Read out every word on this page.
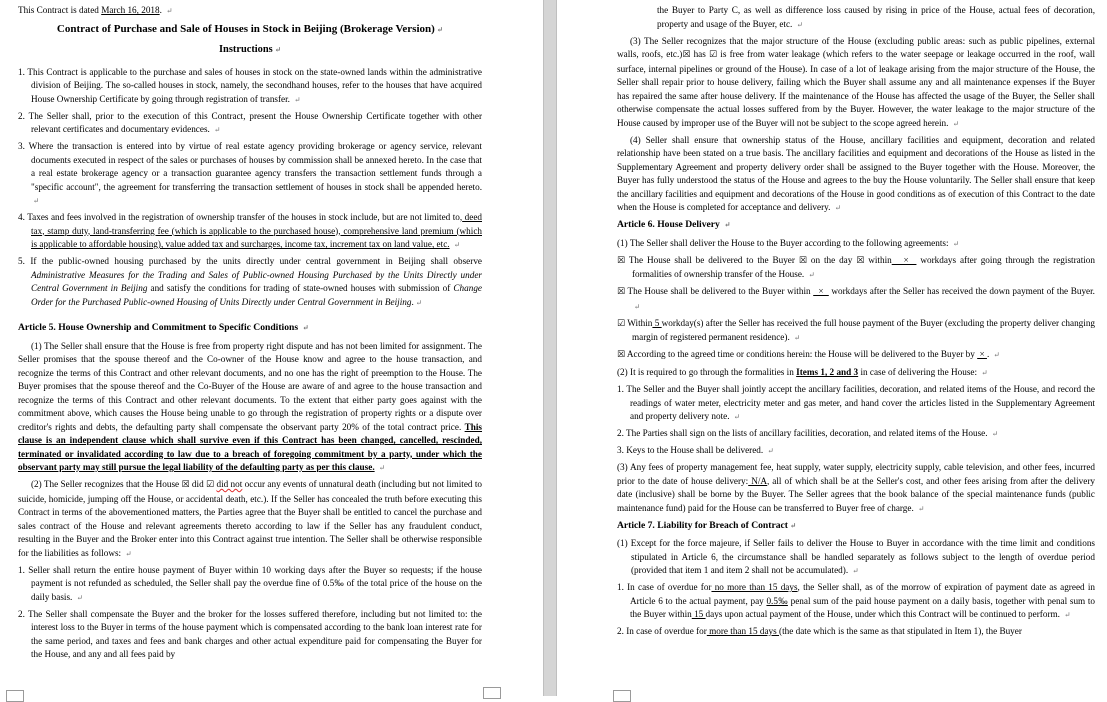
This Contract is dated March 16, 2018. ↵

Contract of Purchase and Sale of Houses in Stock in Beijing (Brokerage Version) ↵
Instructions ↵
1. This Contract is applicable to the purchase and sales of houses in stock on the state-owned lands within the administrative division of Beijing. The so-called houses in stock, namely, the secondhand houses, refer to the houses that have acquired House Ownership Certificate by going through registration of transfer. ↵
2. The Seller shall, prior to the execution of this Contract, present the House Ownership Certificate together with other relevant certificates and documentary evidences. ↵
3. Where the transaction is entered into by virtue of real estate agency providing brokerage or agency service, relevant documents executed in respect of the sales or purchases of houses by commission shall be annexed hereto. In the case that a real estate brokerage agency or a transaction guarantee agency transfers the transaction settlement funds through a "specific account", the agreement for transferring the transaction settlement of houses in stock shall be appended hereto. ↵
4. Taxes and fees involved in the registration of ownership transfer of the houses in stock include, but are not limited to, deed tax, stamp duty, land-transferring fee (which is applicable to the purchased house), comprehensive land premium (which is applicable to affordable housing), value added tax and surcharges, income tax, increment tax on land value, etc. ↵
5. If the public-owned housing purchased by the units directly under central government in Beijing shall observe Administrative Measures for the Trading and Sales of Public-owned Housing Purchased by the Units Directly under Central Government in Beijing and satisfy the conditions for trading of state-owned houses with submission of Change Order for the Purchased Public-owned Housing of Units Directly under Central Government in Beijing. ↵
Article 5. House Ownership and Commitment to Specific Conditions ↵
(1) The Seller shall ensure that the House is free from property right dispute and has not been limited for assignment. The Seller promises that the spouse thereof and the Co-owner of the House know and agree to the house transaction, and recognize the terms of this Contract and other relevant documents, and no one has the right of preemption to the House. The Buyer promises that the spouse thereof and the Co-Buyer of the House are aware of and agree to the house transaction and recognize the terms of this Contract and other relevant documents. To the extent that either party goes against with the commitment above, which causes the House being unable to go through the registration of property rights or a dispute over creditor's rights and debts, the defaulting party shall compensate the observant party 20% of the total contract price. This clause is an independent clause which shall survive even if this Contract has been changed, cancelled, rescinded, terminated or invalidated according to law due to a breach of foregoing commitment by a party, under which the observant party may still pursue the legal liability of the defaulting party as per this clause. ↵
(2) The Seller recognizes that the House ☒ did ☑ did not occur any events of unnatural death (including but not limited to suicide, homicide, jumping off the House, or accidental death, etc.). If the Seller has concealed the truth before executing this Contract in terms of the abovementioned matters, the Parties agree that the Buyer shall be entitled to cancel the purchase and sales contract of the House and relevant agreements thereto according to law if the Seller has any fraudulent conduct, resulting in the Buyer and the Broker enter into this Contract against true intention. The Seller shall be otherwise responsible for the liabilities as follows: ↵
1. Seller shall return the entire house payment of Buyer within 10 working days after the Buyer so requests; if the house payment is not refunded as scheduled, the Seller shall pay the overdue fine of 0.5‰ of the total price of the house on the daily basis. ↵
2. The Seller shall compensate the Buyer and the broker for the losses suffered therefore, including but not limited to: the interest loss to the Buyer in terms of the house payment which is compensated according to the bank loan interest rate for the same period, and taxes and fees and bank charges and other actual expenditure paid for compensating the Buyer for the House, and any and all fees paid by
the Buyer to Party C, as well as difference loss caused by rising in price of the House, actual fees of decoration, property and usage of the Buyer, etc. ↵
(3) The Seller recognizes that the major structure of the House (excluding public areas: such as public pipelines, external walls, roofs, etc.)☒ has ☑ is free from water leakage (which refers to the water seepage or leakage occurred in the roof, wall surface, internal pipelines or ground of the House). In case of a lot of leakage arising from the major structure of the House, the Seller shall repair prior to house delivery, failing which the Buyer shall assume any and all maintenance expenses if the Buyer has repaired the same after house delivery. If the maintenance of the House has affected the usage of the Buyer, the Seller shall otherwise compensate the actual losses suffered from by the Buyer. However, the water leakage to the major structure of the House caused by improper use of the Buyer will not be subject to the scope agreed herein. ↵
(4) Seller shall ensure that ownership status of the House, ancillary facilities and equipment, decoration and related relationship have been stated on a true basis. The ancillary facilities and equipment and decorations of the House as listed in the Supplementary Agreement and property delivery order shall be assigned to the Buyer together with the House. Moreover, the Buyer has fully understood the status of the House and agrees to the buy the House voluntarily. The Seller shall ensure that keep the ancillary facilities and equipment and decorations of the House in good conditions as of execution of this Contract to the date when the House is completed for acceptance and delivery. ↵
Article 6. House Delivery ↵
(1) The Seller shall deliver the House to the Buyer according to the following agreements: ↵
☒ The House shall be delivered to the Buyer ☒ on the day ☒ within   ×   workdays after going through the registration formalities of ownership transfer of the House. ↵
☒ The House shall be delivered to the Buyer within   ×   workdays after the Seller has received the down payment of the Buyer. ↵
☑ Within 5 workday(s) after the Seller has received the full house payment of the Buyer (excluding the property deliver changing margin of registered permanent residence). ↵
☒ According to the agreed time or conditions herein: the House will be delivered to the Buyer by  × . ↵
(2) It is required to go through the formalities in Items 1, 2 and 3 in case of delivering the House: ↵
1. The Seller and the Buyer shall jointly accept the ancillary facilities, decoration, and related items of the House, and record the readings of water meter, electricity meter and gas meter, and hand cover the articles listed in the Supplementary Agreement and property delivery note. ↵
2. The Parties shall sign on the lists of ancillary facilities, decoration, and related items of the House. ↵
3. Keys to the House shall be delivered. ↵
(3) Any fees of property management fee, heat supply, water supply, electricity supply, cable television, and other fees, incurred prior to the date of house delivery: N/A, all of which shall be at the Seller's cost, and other fees arising from after the delivery date (inclusive) shall be borne by the Buyer. The Seller agrees that the book balance of the special maintenance funds (public maintenance fund) paid for the House can be transferred to Buyer free of charge. ↵
Article 7. Liability for Breach of Contract ↵
(1) Except for the force majeure, if Seller fails to deliver the House to Buyer in accordance with the time limit and conditions stipulated in Article 6, the circumstance shall be handled separately as follows subject to the length of overdue period (provided that item 1 and item 2 shall not be accumulated). ↵
1. In case of overdue for no more than 15 days, the Seller shall, as of the morrow of expiration of payment date as agreed in Article 6 to the actual payment, pay 0.5‰ penal sum of the paid house payment on a daily basis, together with penal sum to the Buyer within 15 days upon actual payment of the House, under which this Contract will be continued to perform. ↵
2. In case of overdue for more than 15 days (the date which is the same as that stipulated in Item 1), the Buyer
